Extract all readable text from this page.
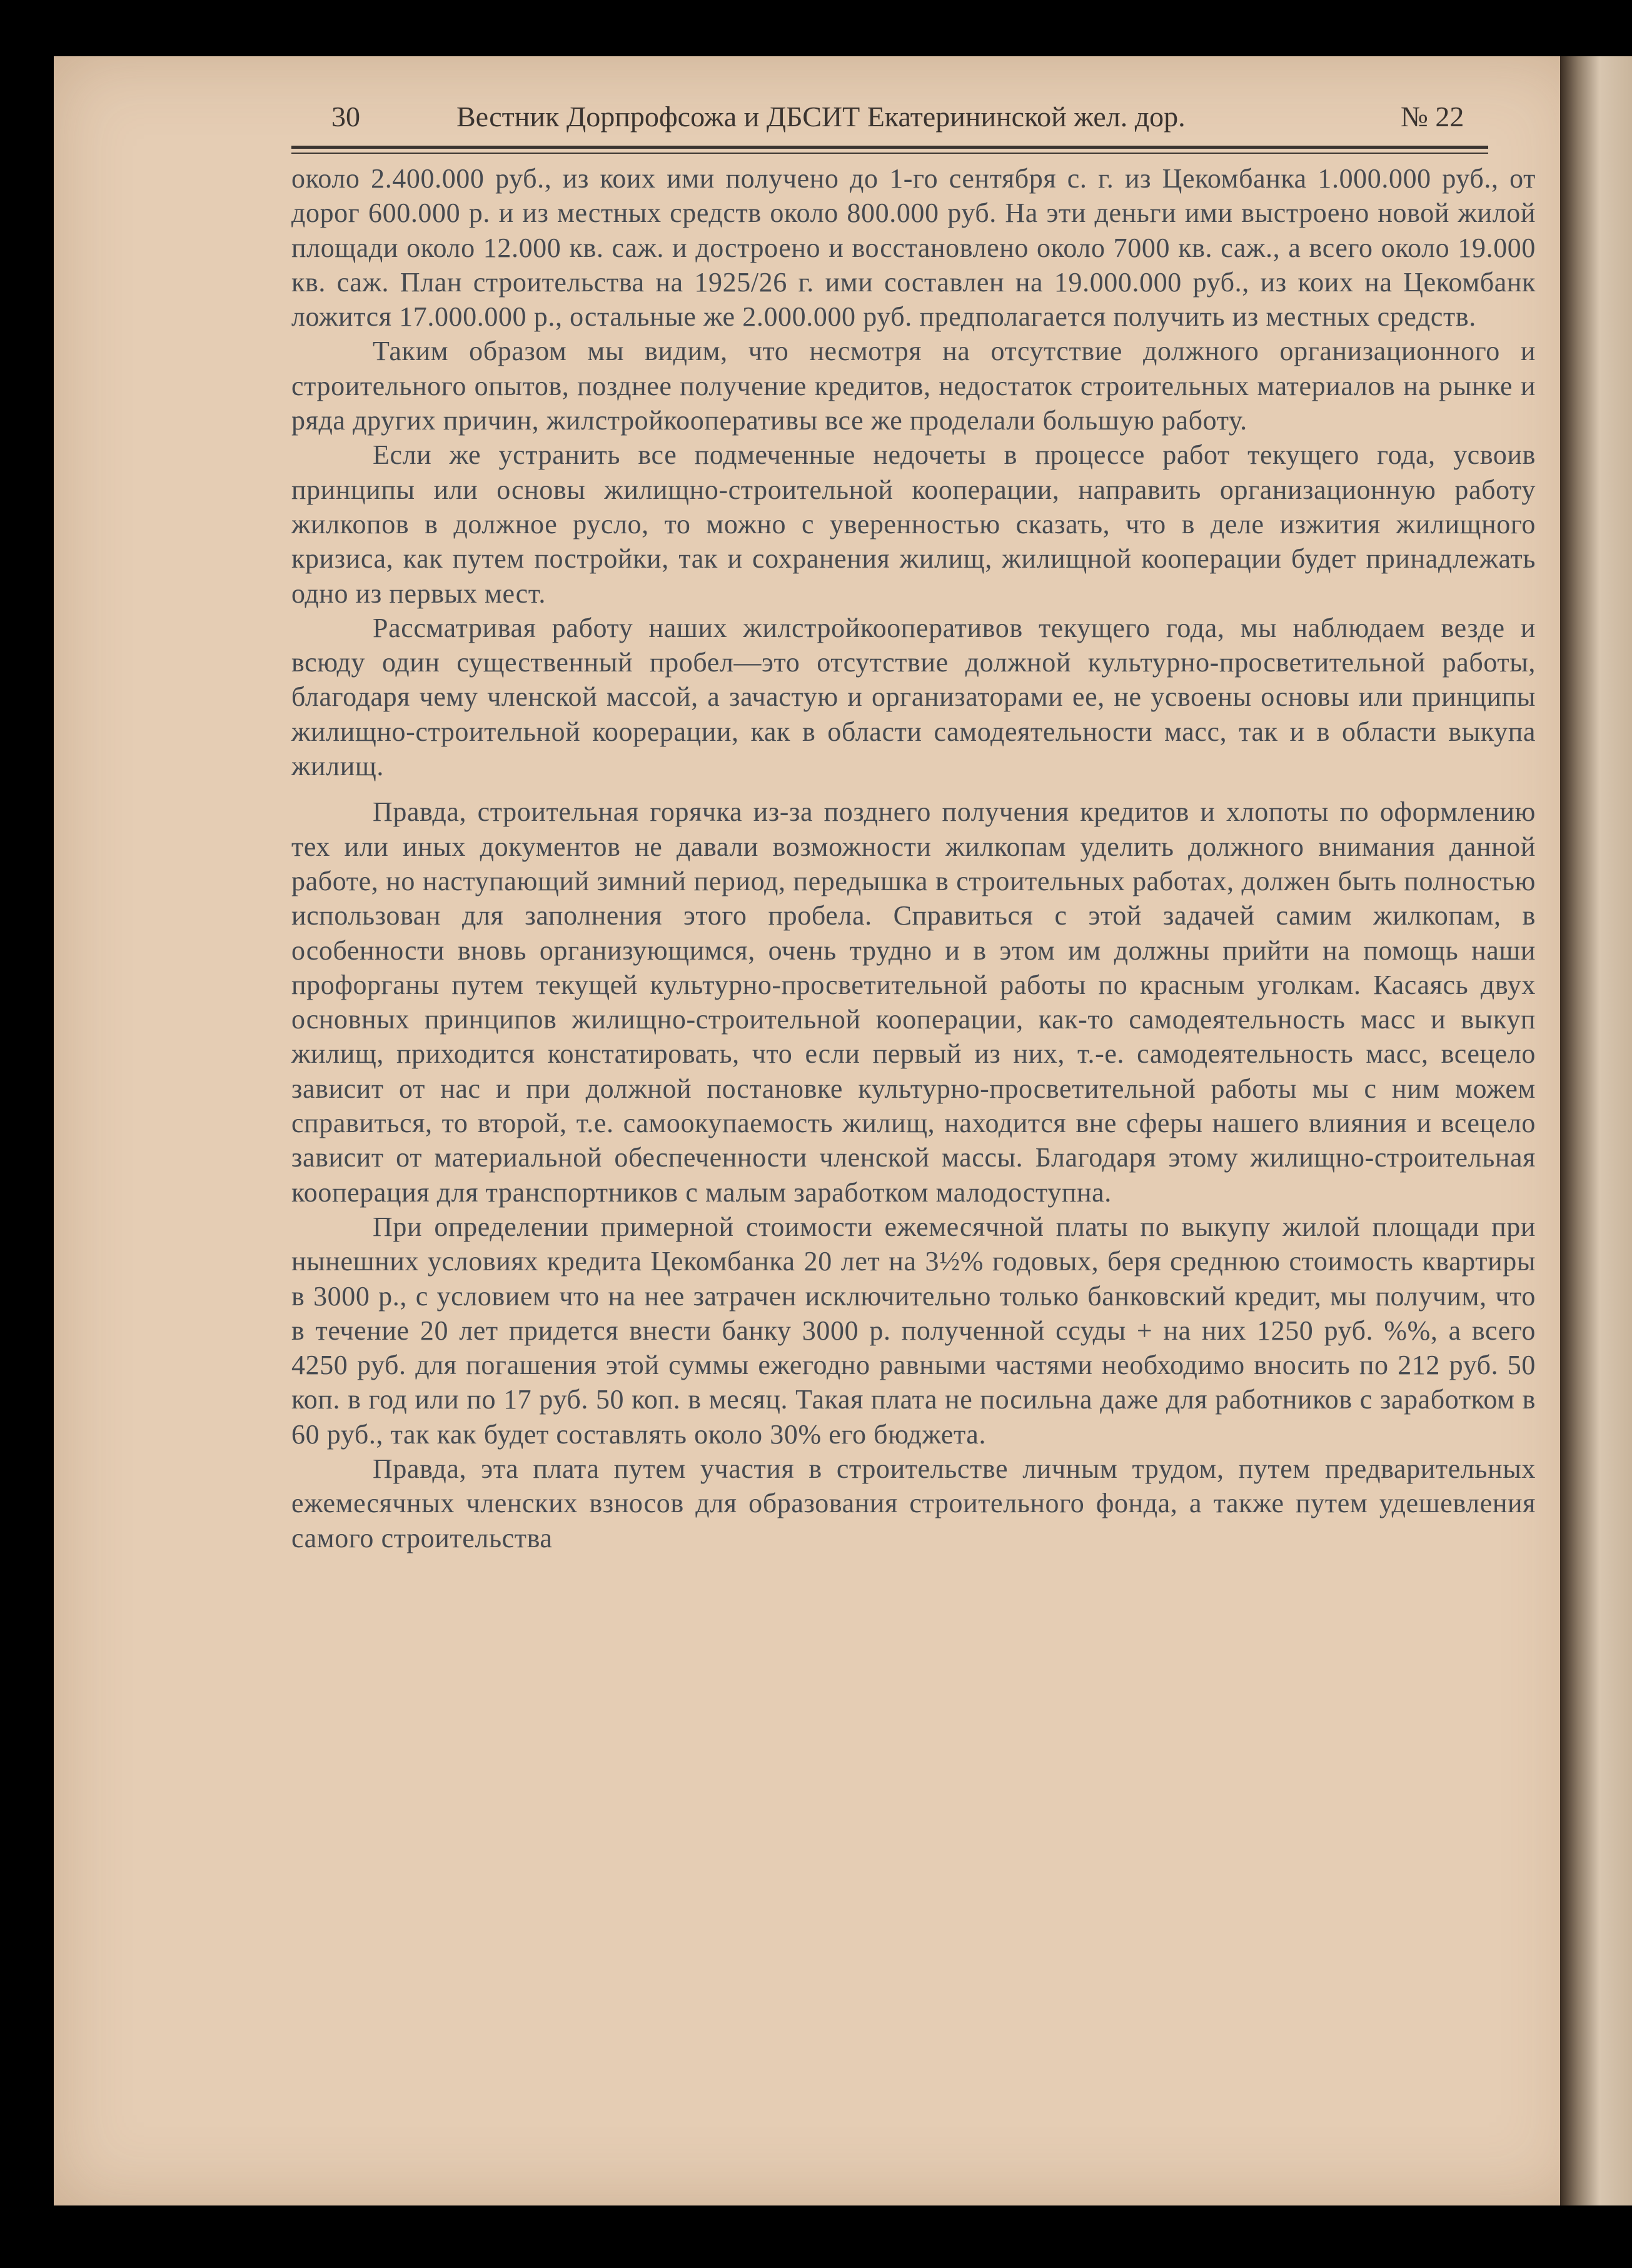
30	Вестник Дорпрофсожа и ДБСИТ Екатерининской жел. дор.	№ 22

около 2.400.000 руб., из коих ими получено до 1-го сентября с. г. из Цекомбанка 1.000.000 руб., от дорог 600.000 р. и из местных средств около 800.000 руб. На эти деньги ими выстроено новой жилой площади около 12.000 кв. саж. и достроено и восстановлено около 7000 кв. саж., а всего около 19.000 кв. саж. План строительства на 1925/26 г. ими составлен на 19.000.000 руб., из коих на Цекомбанк ложится 17.000.000 р., остальные же 2.000.000 руб. предполагается получить из местных средств.

Таким образом мы видим, что несмотря на отсутствие должного организационного и строительного опытов, позднее получение кредитов, недостаток строительных материалов на рынке и ряда других причин, жилстройкооперативы все же проделали большую работу.

Если же устранить все подмеченные недочеты в процессе работ текущего года, усвоив принципы или основы жилищно-строительной кооперации, направить организационную работу жилкопов в должное русло, то можно с уверенностью сказать, что в деле изжития жилищного кризиса, как путем постройки, так и сохранения жилищ, жилищной кооперации будет принадлежать одно из первых мест.

Рассматривая работу наших жилстройкооперативов текущего года, мы наблюдаем везде и всюду один существенный пробел—это отсутствие должной культурно-просветительной работы, благодаря чему членской массой, а зачастую и организаторами ее, не усвоены основы или принципы жилищно-строительной коорерации, как в области самодеятельности масс, так и в области выкупа жилищ.

Правда, строительная горячка из-за позднего получения кредитов и хлопоты по оформлению тех или иных документов не давали возможности жилкопам уделить должного внимания данной работе, но наступающий зимний период, передышка в строительных работах, должен быть полностью использован для заполнения этого пробела. Справиться с этой задачей самим жилкопам, в особенности вновь организующимся, очень трудно и в этом им должны прийти на помощь наши профорганы путем текущей культурно-просветительной работы по красным уголкам. Касаясь двух основных принципов жилищно-строительной кооперации, как-то самодеятельность масс и выкуп жилищ, приходится констатировать, что если первый из них, т.-е. самодеятельность масс, всецело зависит от нас и при должной постановке культурно-просветительной работы мы с ним можем справиться, то второй, т.е. самоокупаемость жилищ, находится вне сферы нашего влияния и всецело зависит от материальной обеспеченности членской массы. Благодаря этому жилищно-строительная кооперация для транспортников с малым заработком малодоступна.

При определении примерной стоимости ежемесячной платы по выкупу жилой площади при нынешних условиях кредита Цекомбанка 20 лет на 3½% годовых, беря среднюю стоимость квартиры в 3000 р., с условием что на нее затрачен исключительно только банковский кредит, мы получим, что в течение 20 лет придется внести банку 3000 р. полученной ссуды + на них 1250 руб. %%, а всего 4250 руб. для погашения этой суммы ежегодно равными частями необходимо вносить по 212 руб. 50 коп. в год или по 17 руб. 50 коп. в месяц. Такая плата не посильна даже для работников с заработком в 60 руб., так как будет составлять около 30% его бюджета.

Правда, эта плата путем участия в строительстве личным трудом, путем предварительных ежемесячных членских взносов для образования строительного фонда, а также путем удешевления самого строительства
